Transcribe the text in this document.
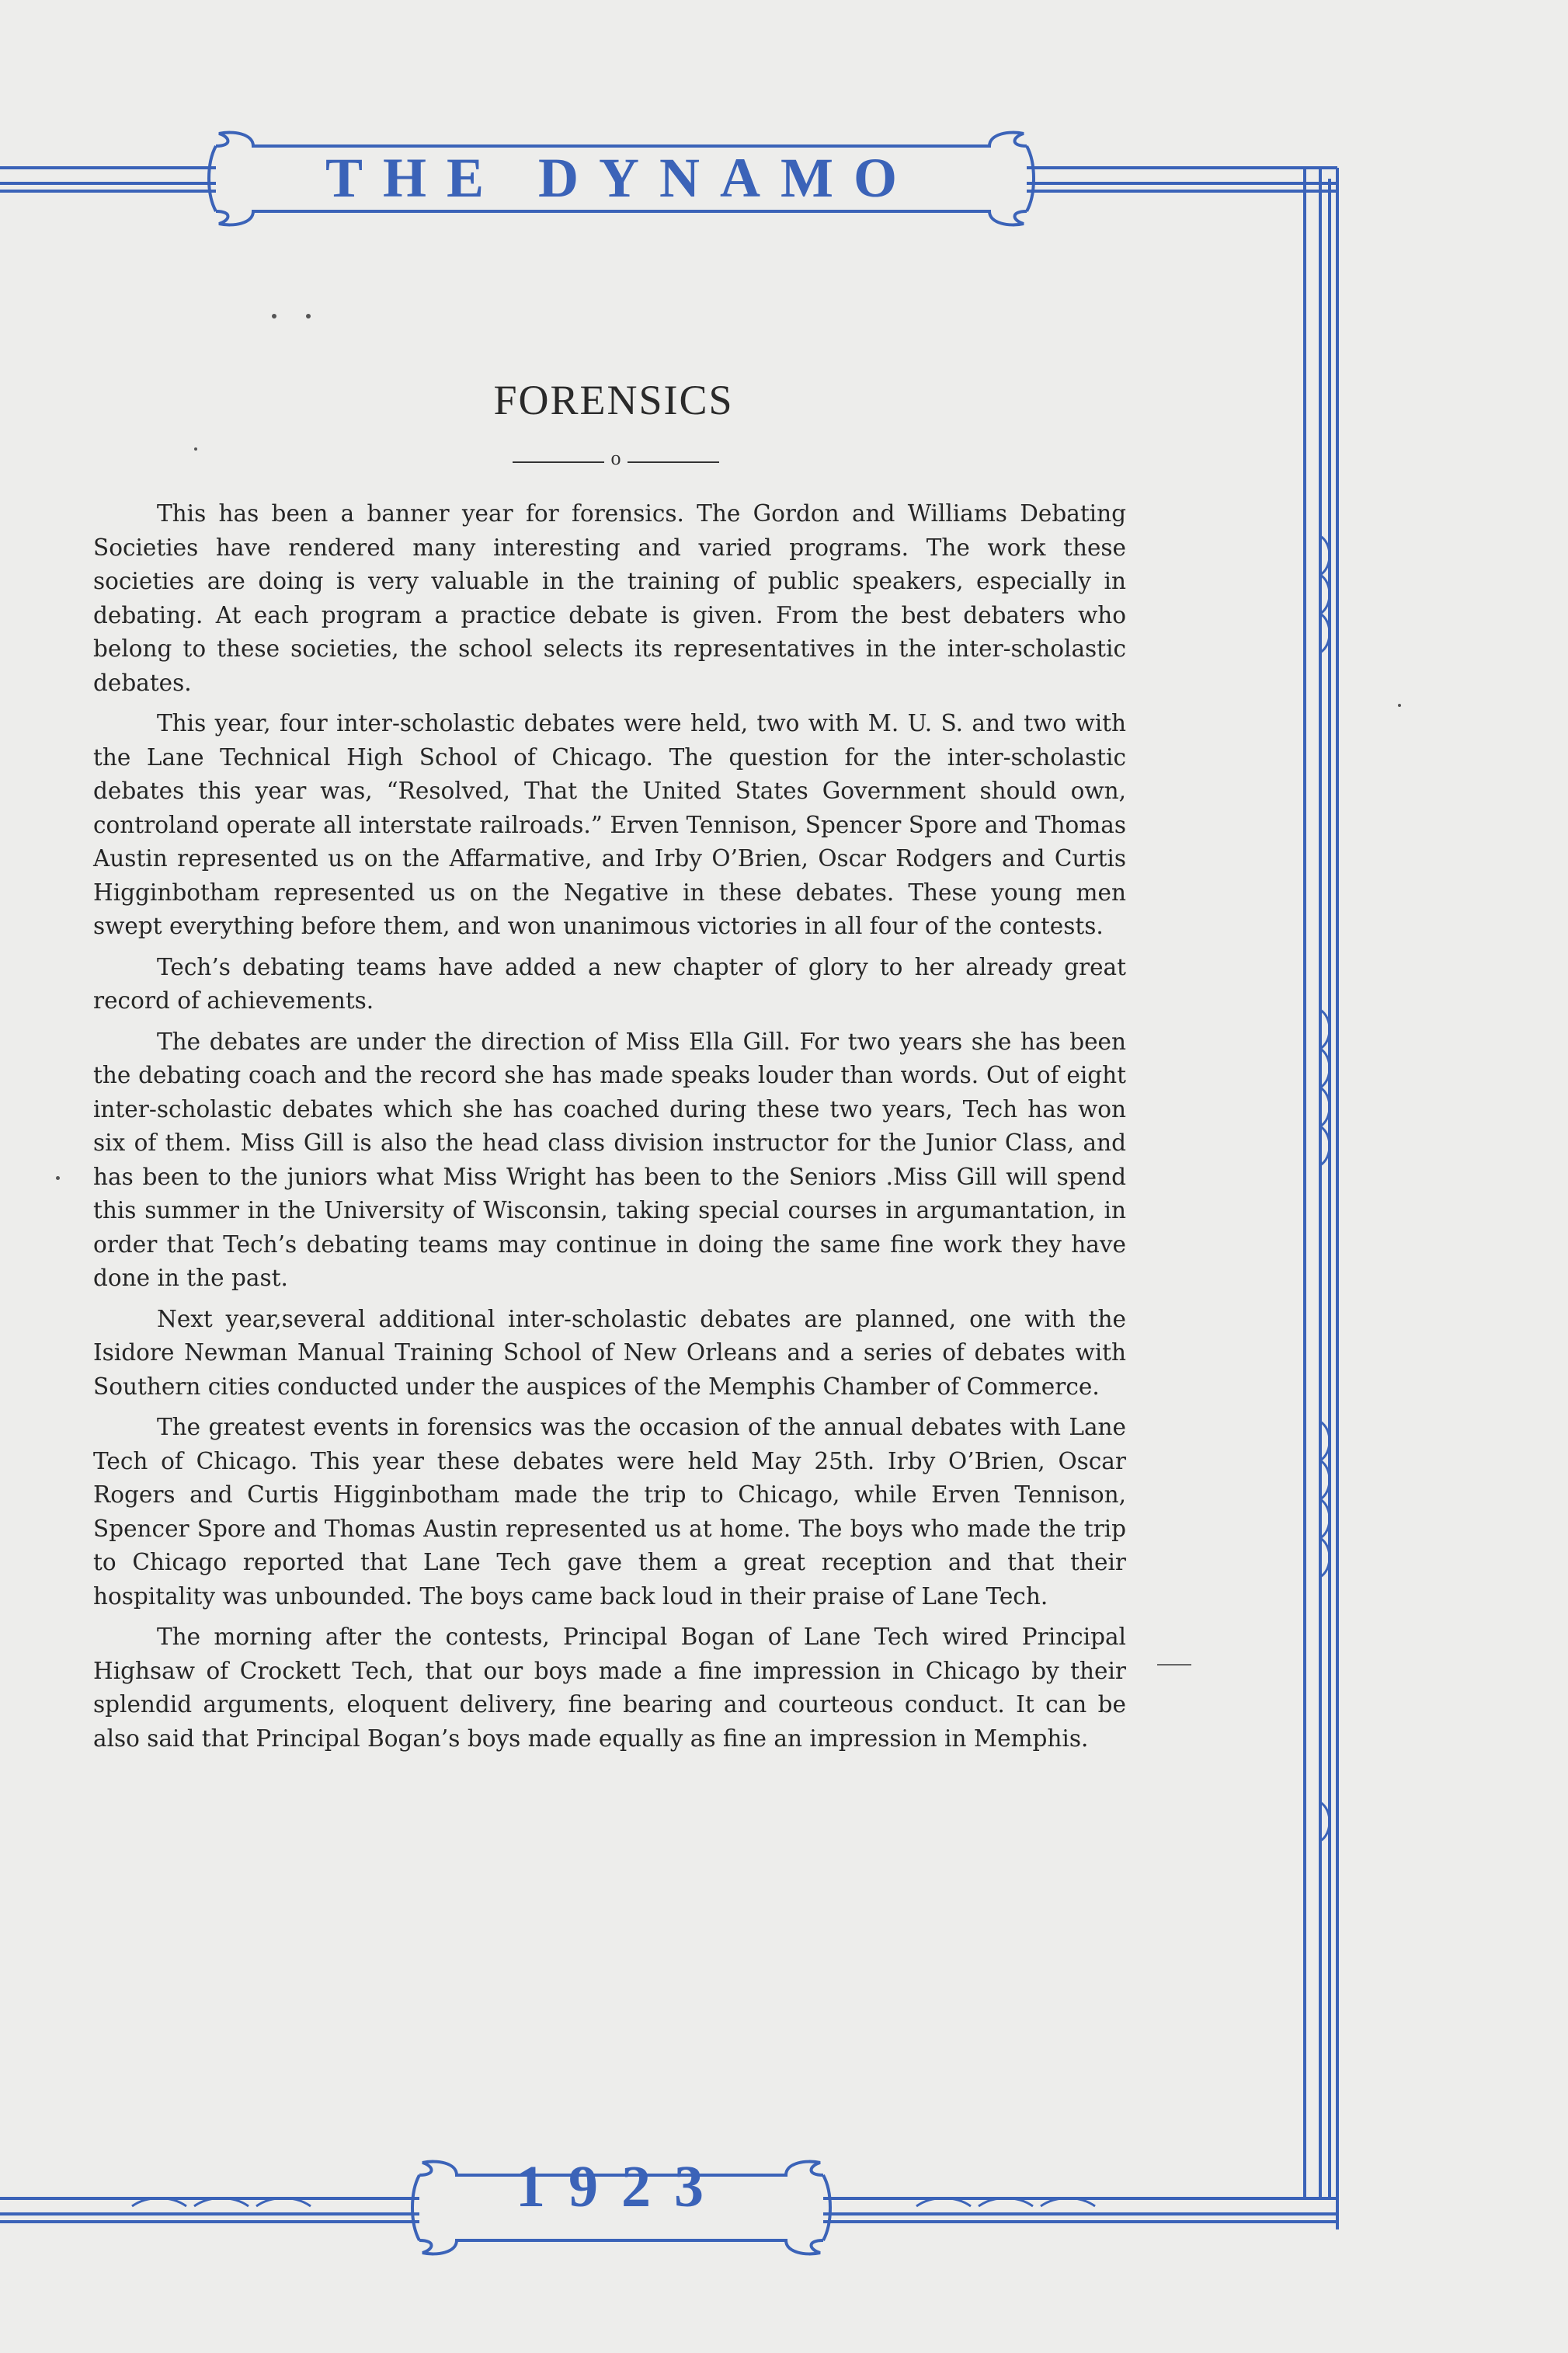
THE DYNAMO
FORENSICS
o

This has been a banner year for forensics. The Gordon and Williams Debating Societies have rendered many interesting and varied programs. The work these societies are doing is very valuable in the training of public speakers, especially in debating. At each program a practice debate is given. From the best debaters who belong to these societies, the school selects its representatives in the inter-scholastic debates.

This year, four inter-scholastic debates were held, two with M. U. S. and two with the Lane Technical High School of Chicago. The question for the inter-scholastic debates this year was, “Resolved, That the United States Government should own, controland operate all interstate railroads.” Erven Tennison, Spencer Spore and Thomas Austin represented us on the Affarmative, and Irby O’Brien, Oscar Rodgers and Curtis Higginbotham represented us on the Negative in these debates. These young men swept everything before them, and won unanimous victories in all four of the contests.

Tech’s debating teams have added a new chapter of glory to her already great record of achievements.

The debates are under the direction of Miss Ella Gill. For two years she has been the debating coach and the record she has made speaks louder than words. Out of eight inter-scholastic debates which she has coached during these two years, Tech has won six of them. Miss Gill is also the head class division instructor for the Junior Class, and has been to the juniors what Miss Wright has been to the Seniors .Miss Gill will spend this summer in the University of Wisconsin, taking special courses in argumantation, in order that Tech’s debating teams may continue in doing the same fine work they have done in the past.

Next year,several additional inter-scholastic debates are planned, one with the Isidore Newman Manual Training School of New Orleans and a series of debates with Southern cities conducted under the auspices of the Memphis Chamber of Commerce.

The greatest events in forensics was the occasion of the annual debates with Lane Tech of Chicago. This year these debates were held May 25th. Irby O’Brien, Oscar Rogers and Curtis Higginbotham made the trip to Chicago, while Erven Tennison, Spencer Spore and Thomas Austin represented us at home. The boys who made the trip to Chicago reported that Lane Tech gave them a great reception and that their hospitality was unbounded. The boys came back loud in their praise of Lane Tech.

The morning after the contests, Principal Bogan of Lane Tech wired Principal Highsaw of Crockett Tech, that our boys made a fine impression in Chicago by their splendid arguments, eloquent delivery, fine bearing and courteous conduct. It can be also said that Principal Bogan’s boys made equally as fine an impression in Memphis.

1923
